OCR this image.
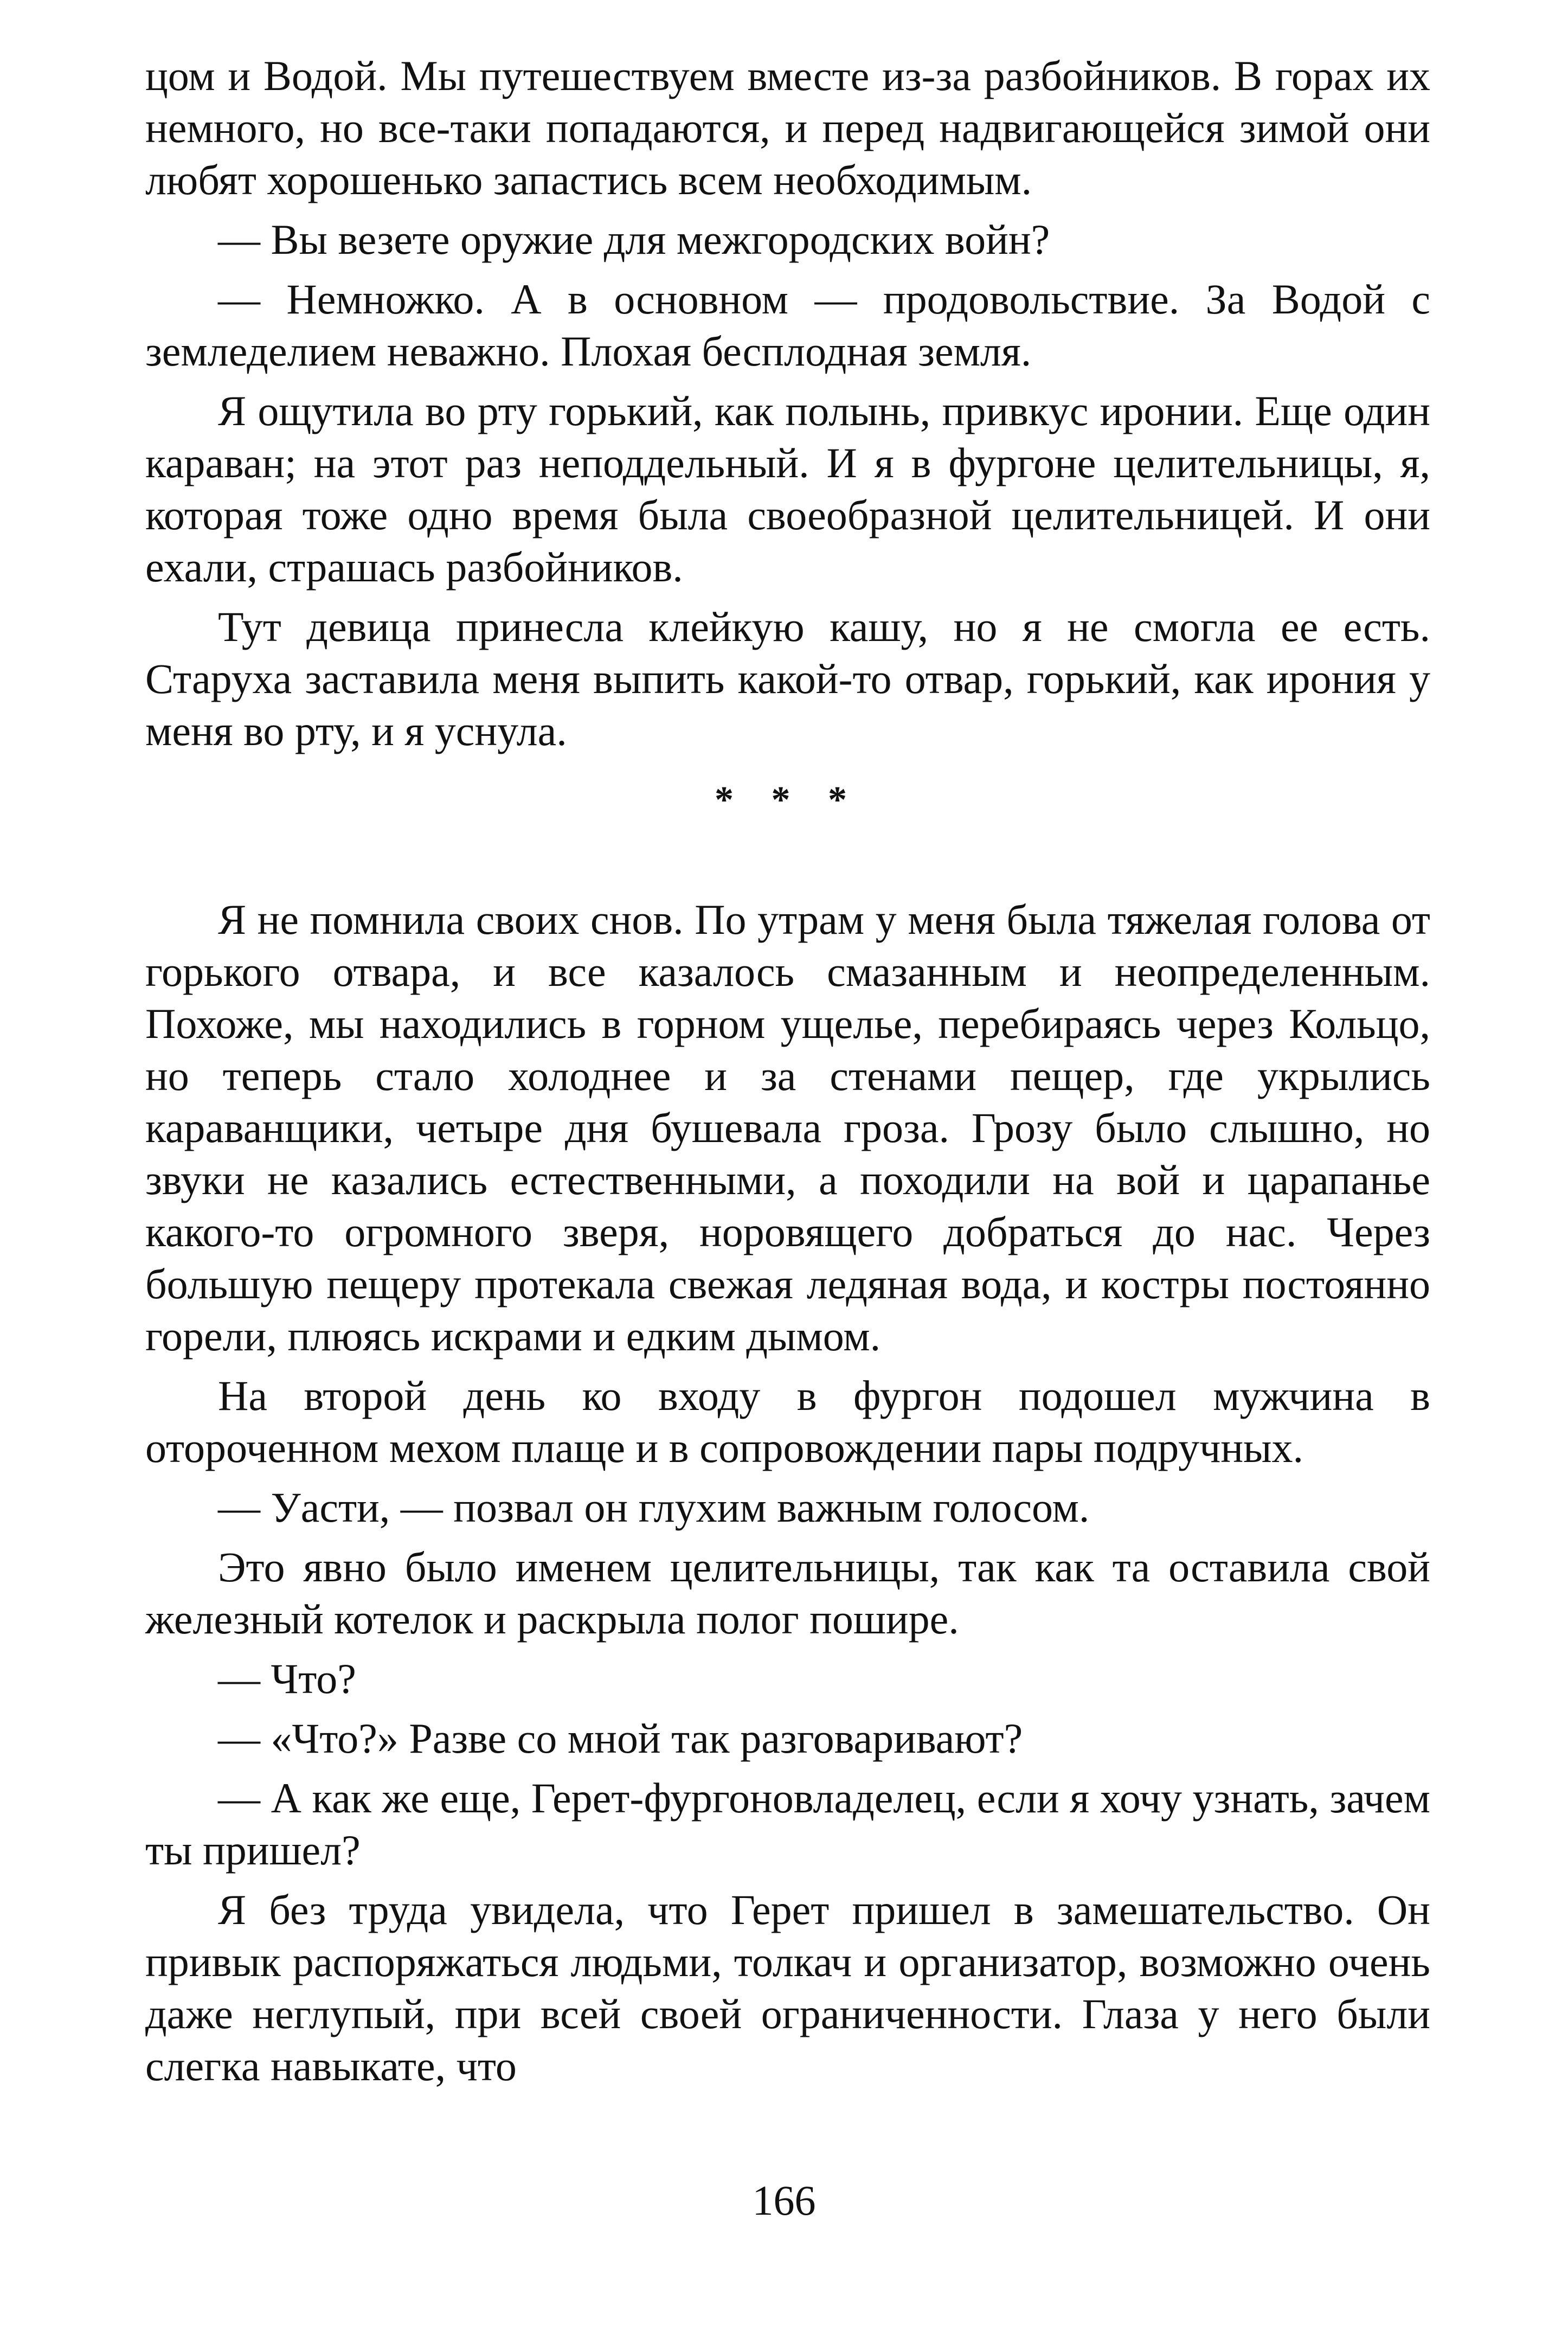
цом и Водой. Мы путешествуем вместе из-за разбойников. В горах их немного, но все-таки попадаются, и перед надвигающейся зимой они любят хорошенько запастись всем необходимым.

— Вы везете оружие для межгородских войн?

— Немножко. А в основном — продовольствие. За Водой с земледелием неважно. Плохая бесплодная земля.

Я ощутила во рту горький, как полынь, привкус иронии. Еще один караван; на этот раз неподдельный. И я в фургоне целительницы, я, которая тоже одно время была своеобразной целительницей. И они ехали, страшась разбойников.

Тут девица принесла клейкую кашу, но я не смогла ее есть. Старуха заставила меня выпить какой-то отвар, горький, как ирония у меня во рту, и я уснула.

* * *

Я не помнила своих снов. По утрам у меня была тяжелая голова от горького отвара, и все казалось смазанным и неопределенным. Похоже, мы находились в горном ущелье, перебираясь через Кольцо, но теперь стало холоднее и за стенами пещер, где укрылись караванщики, четыре дня бушевала гроза. Грозу было слышно, но звуки не казались естественными, а походили на вой и царапанье какого-то огромного зверя, норовящего добраться до нас. Через большую пещеру протекала свежая ледяная вода, и костры постоянно горели, плюясь искрами и едким дымом.

На второй день ко входу в фургон подошел мужчина в отороченном мехом плаще и в сопровождении пары подручных.

— Уасти, — позвал он глухим важным голосом.

Это явно было именем целительницы, так как та оставила свой железный котелок и раскрыла полог пошире.

— Что?

— «Что?» Разве со мной так разговаривают?

— А как же еще, Герет-фургоновладелец, если я хочу узнать, зачем ты пришел?

Я без труда увидела, что Герет пришел в замешательство. Он привык распоряжаться людьми, толкач и организатор, возможно очень даже неглупый, при всей своей ограниченности. Глаза у него были слегка навыкате, что

166
